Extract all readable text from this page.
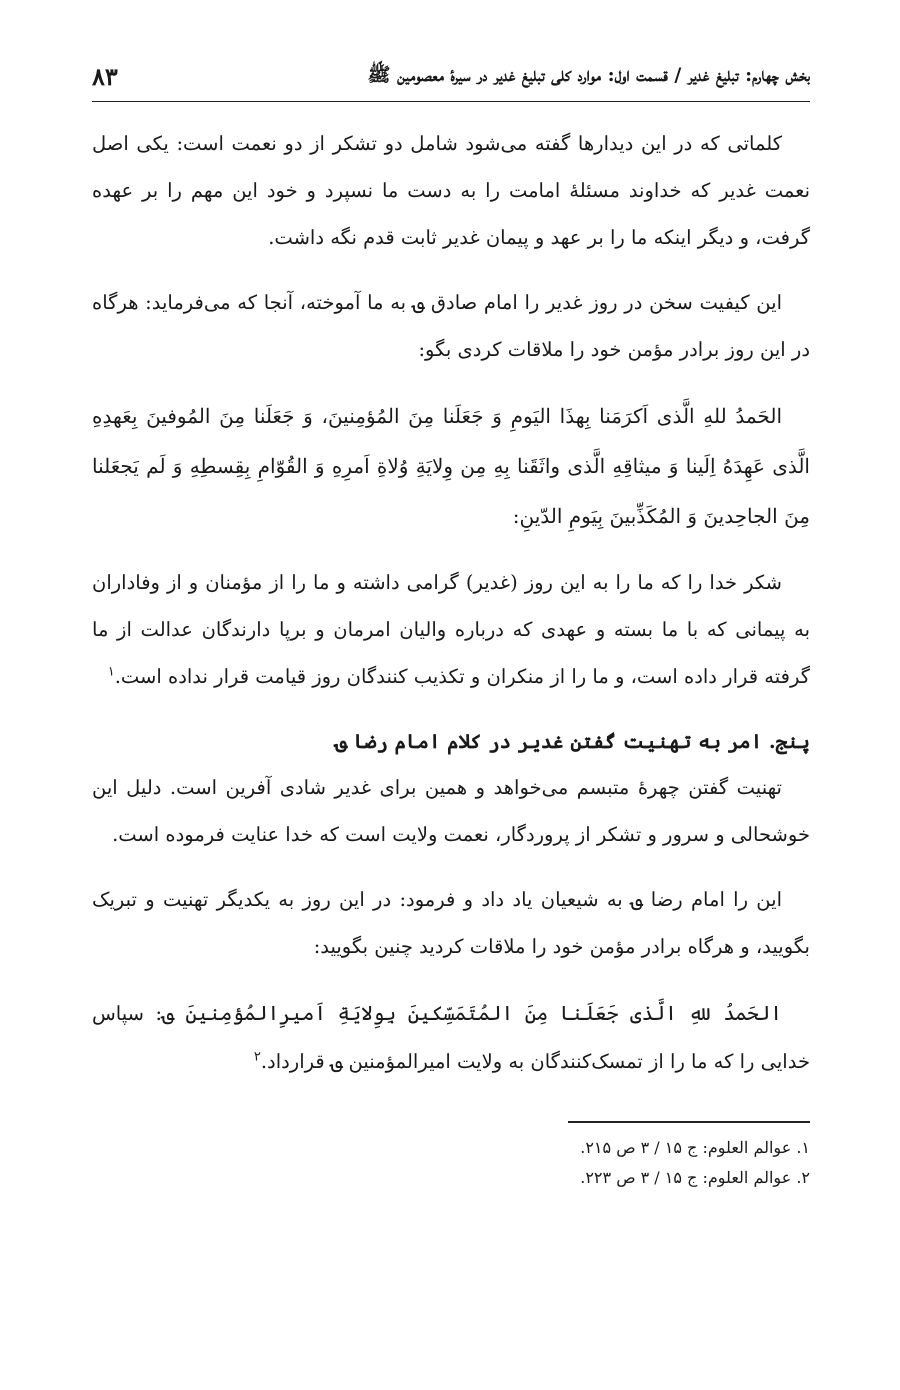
بخش چهارم: تبلیغ غدیر / قسمت اول: موارد کلی تبلیغ غدیر در سیرهٔ معصومین ﷺ
۸۳

کلماتی که در این دیدارها گفته می‌شود شامل دو تشکر از دو نعمت است: یکی اصل نعمت غدیر که خداوند مسئلهٔ امامت را به دست ما نسپرد و خود این مهم را بر عهده گرفت، و دیگر اینکه ما را بر عهد و پیمان غدیر ثابت قدم نگه داشت.

این کیفیت سخن در روز غدیر را امام صادق ؈ به ما آموخته، آنجا که می‌فرماید: هرگاه در این روز برادر مؤمن خود را ملاقات کردی بگو:

الحَمدُ للهِ الَّذی اَکرَمَنا بِهذَا الیَومِ وَ جَعَلَنا مِنَ المُؤمِنینَ، وَ جَعَلَنا مِنَ المُوفینَ بِعَهدِهِ الَّذی عَهِدَهُ اِلَینا وَ میثاقِهِ الَّذی واثَقَنا بِهِ مِن وِلایَةِ وُلاةِ اَمرِهِ وَ القُوّامِ بِقِسطِهِ وَ لَم یَجعَلنا مِنَ الجاحِدینَ وَ المُکَذِّبینَ بِیَومِ الدّینِ:

شکر خدا را که ما را به این روز (غدیر) گرامی داشته و ما را از مؤمنان و از وفاداران به پیمانی که با ما بسته و عهدی که درباره والیان امرمان و برپا دارندگان عدالت از ما گرفته قرار داده است، و ما را از منکران و تکذیب کنندگان روز قیامت قرار نداده است.$^۱$

پنج. امر به تهنیت گفتن غدیر در کلام امام رضا ؈

تهنیت گفتن چهرهٔ متبسم می‌خواهد و همین برای غدیر شادی آفرین است. دلیل این خوشحالی و سرور و تشکر از پروردگار، نعمت ولایت است که خدا عنایت فرموده است.

این را امام رضا ؈ به شیعیان یاد داد و فرمود: در این روز به یکدیگر تهنیت و تبریک بگویید، و هرگاه برادر مؤمن خود را ملاقات کردید چنین بگویید:

الحَمدُ للهِ الَّذی جَعَلَنا مِنَ المُتَمَسِّکینَ بِوِلایَةِ اَمیرِالمُؤمِنینَ ؈: سپاس خدایی را که ما را از تمسک‌کنندگان به ولایت امیرالمؤمنین ؈ قرارداد.$^۲$

۱. عوالم العلوم: ج ۱۵ / ۳ ص ۲۱۵.

۲. عوالم العلوم: ج ۱۵ / ۳ ص ۲۲۳.
